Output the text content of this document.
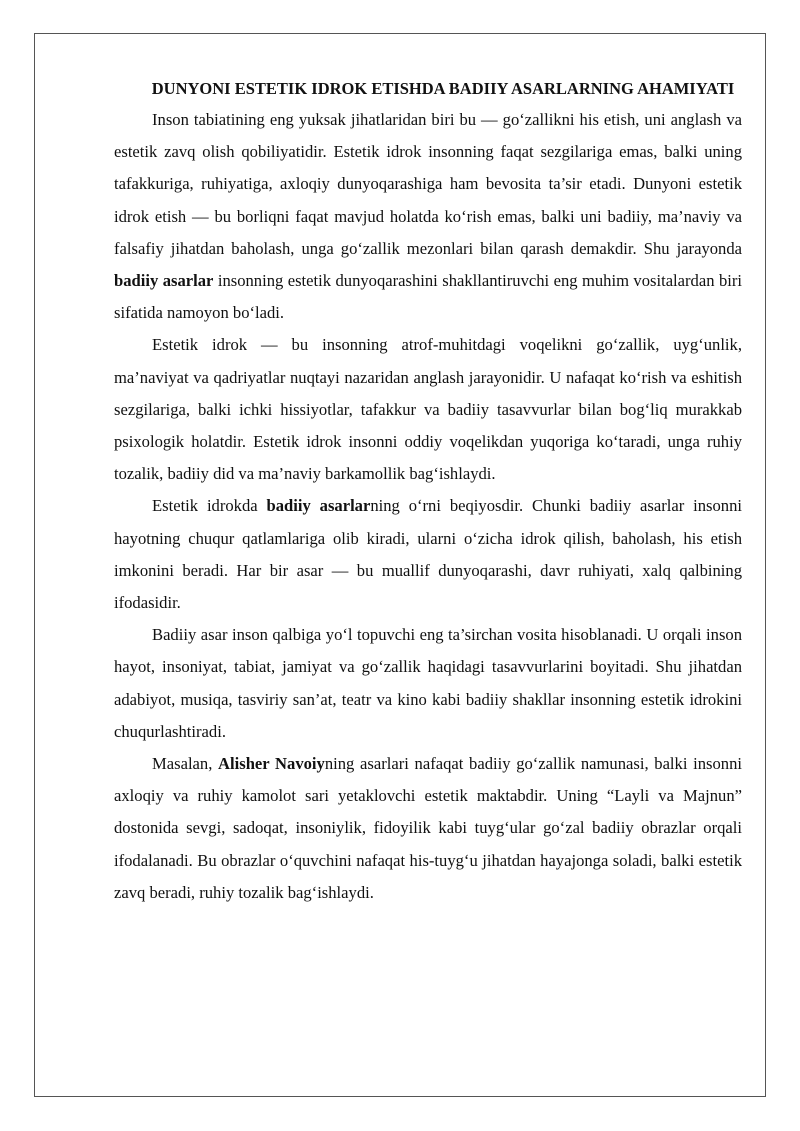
DUNYONI ESTETIK IDROK ETISHDA BADIIY ASARLARNING AHAMIYATI

Inson tabiatining eng yuksak jihatlaridan biri bu — go‘zallikni his etish, uni anglash va estetik zavq olish qobiliyatidir. Estetik idrok insonning faqat sezgilariga emas, balki uning tafakkuriga, ruhiyatiga, axloqiy dunyoqarashiga ham bevosita ta’sir etadi. Dunyoni estetik idrok etish — bu borliqni faqat mavjud holatda ko‘rish emas, balki uni badiiy, ma’naviy va falsafiy jihatdan baholash, unga go‘zallik mezonlari bilan qarash demakdir. Shu jarayonda badiiy asarlar insonning estetik dunyoqarashini shakllantiruvchi eng muhim vositalardan biri sifatida namoyon bo‘ladi.

Estetik idrok — bu insonning atrof-muhitdagi voqelikni go‘zallik, uyg‘unlik, ma’naviyat va qadriyatlar nuqtayi nazaridan anglash jarayonidir. U nafaqat ko‘rish va eshitish sezgilariga, balki ichki hissiyotlar, tafakkur va badiiy tasavvurlar bilan bog‘liq murakkab psixologik holatdir. Estetik idrok insonni oddiy voqelikdan yuqoriga ko‘taradi, unga ruhiy tozalik, badiiy did va ma’naviy barkamollik bag‘ishlaydi.

Estetik idrokda badiiy asarlarning o‘rni beqiyosdir. Chunki badiiy asarlar insonni hayotning chuqur qatlamlariga olib kiradi, ularni o‘zicha idrok qilish, baholash, his etish imkonini beradi. Har bir asar — bu muallif dunyoqarashi, davr ruhiyati, xalq qalbining ifodasidir.

Badiiy asar inson qalbiga yo‘l topuvchi eng ta’sirchan vosita hisoblanadi. U orqali inson hayot, insoniyat, tabiat, jamiyat va go‘zallik haqidagi tasavvurlarini boyitadi. Shu jihatdan adabiyot, musiqa, tasviriy san’at, teatr va kino kabi badiiy shakllar insonning estetik idrokini chuqurlashtiradi.

Masalan, Alisher Navoiyning asarlari nafaqat badiiy go‘zallik namunasi, balki insonni axloqiy va ruhiy kamolot sari yetaklovchi estetik maktabdir. Uning “Layli va Majnun” dostonida sevgi, sadoqat, insoniylik, fidoyilik kabi tuyg‘ular go‘zal badiiy obrazlar orqali ifodalanadi. Bu obrazlar o‘quvchini nafaqat his-tuyg‘u jihatdan hayajonga soladi, balki estetik zavq beradi, ruhiy tozalik bag‘ishlaydi.
